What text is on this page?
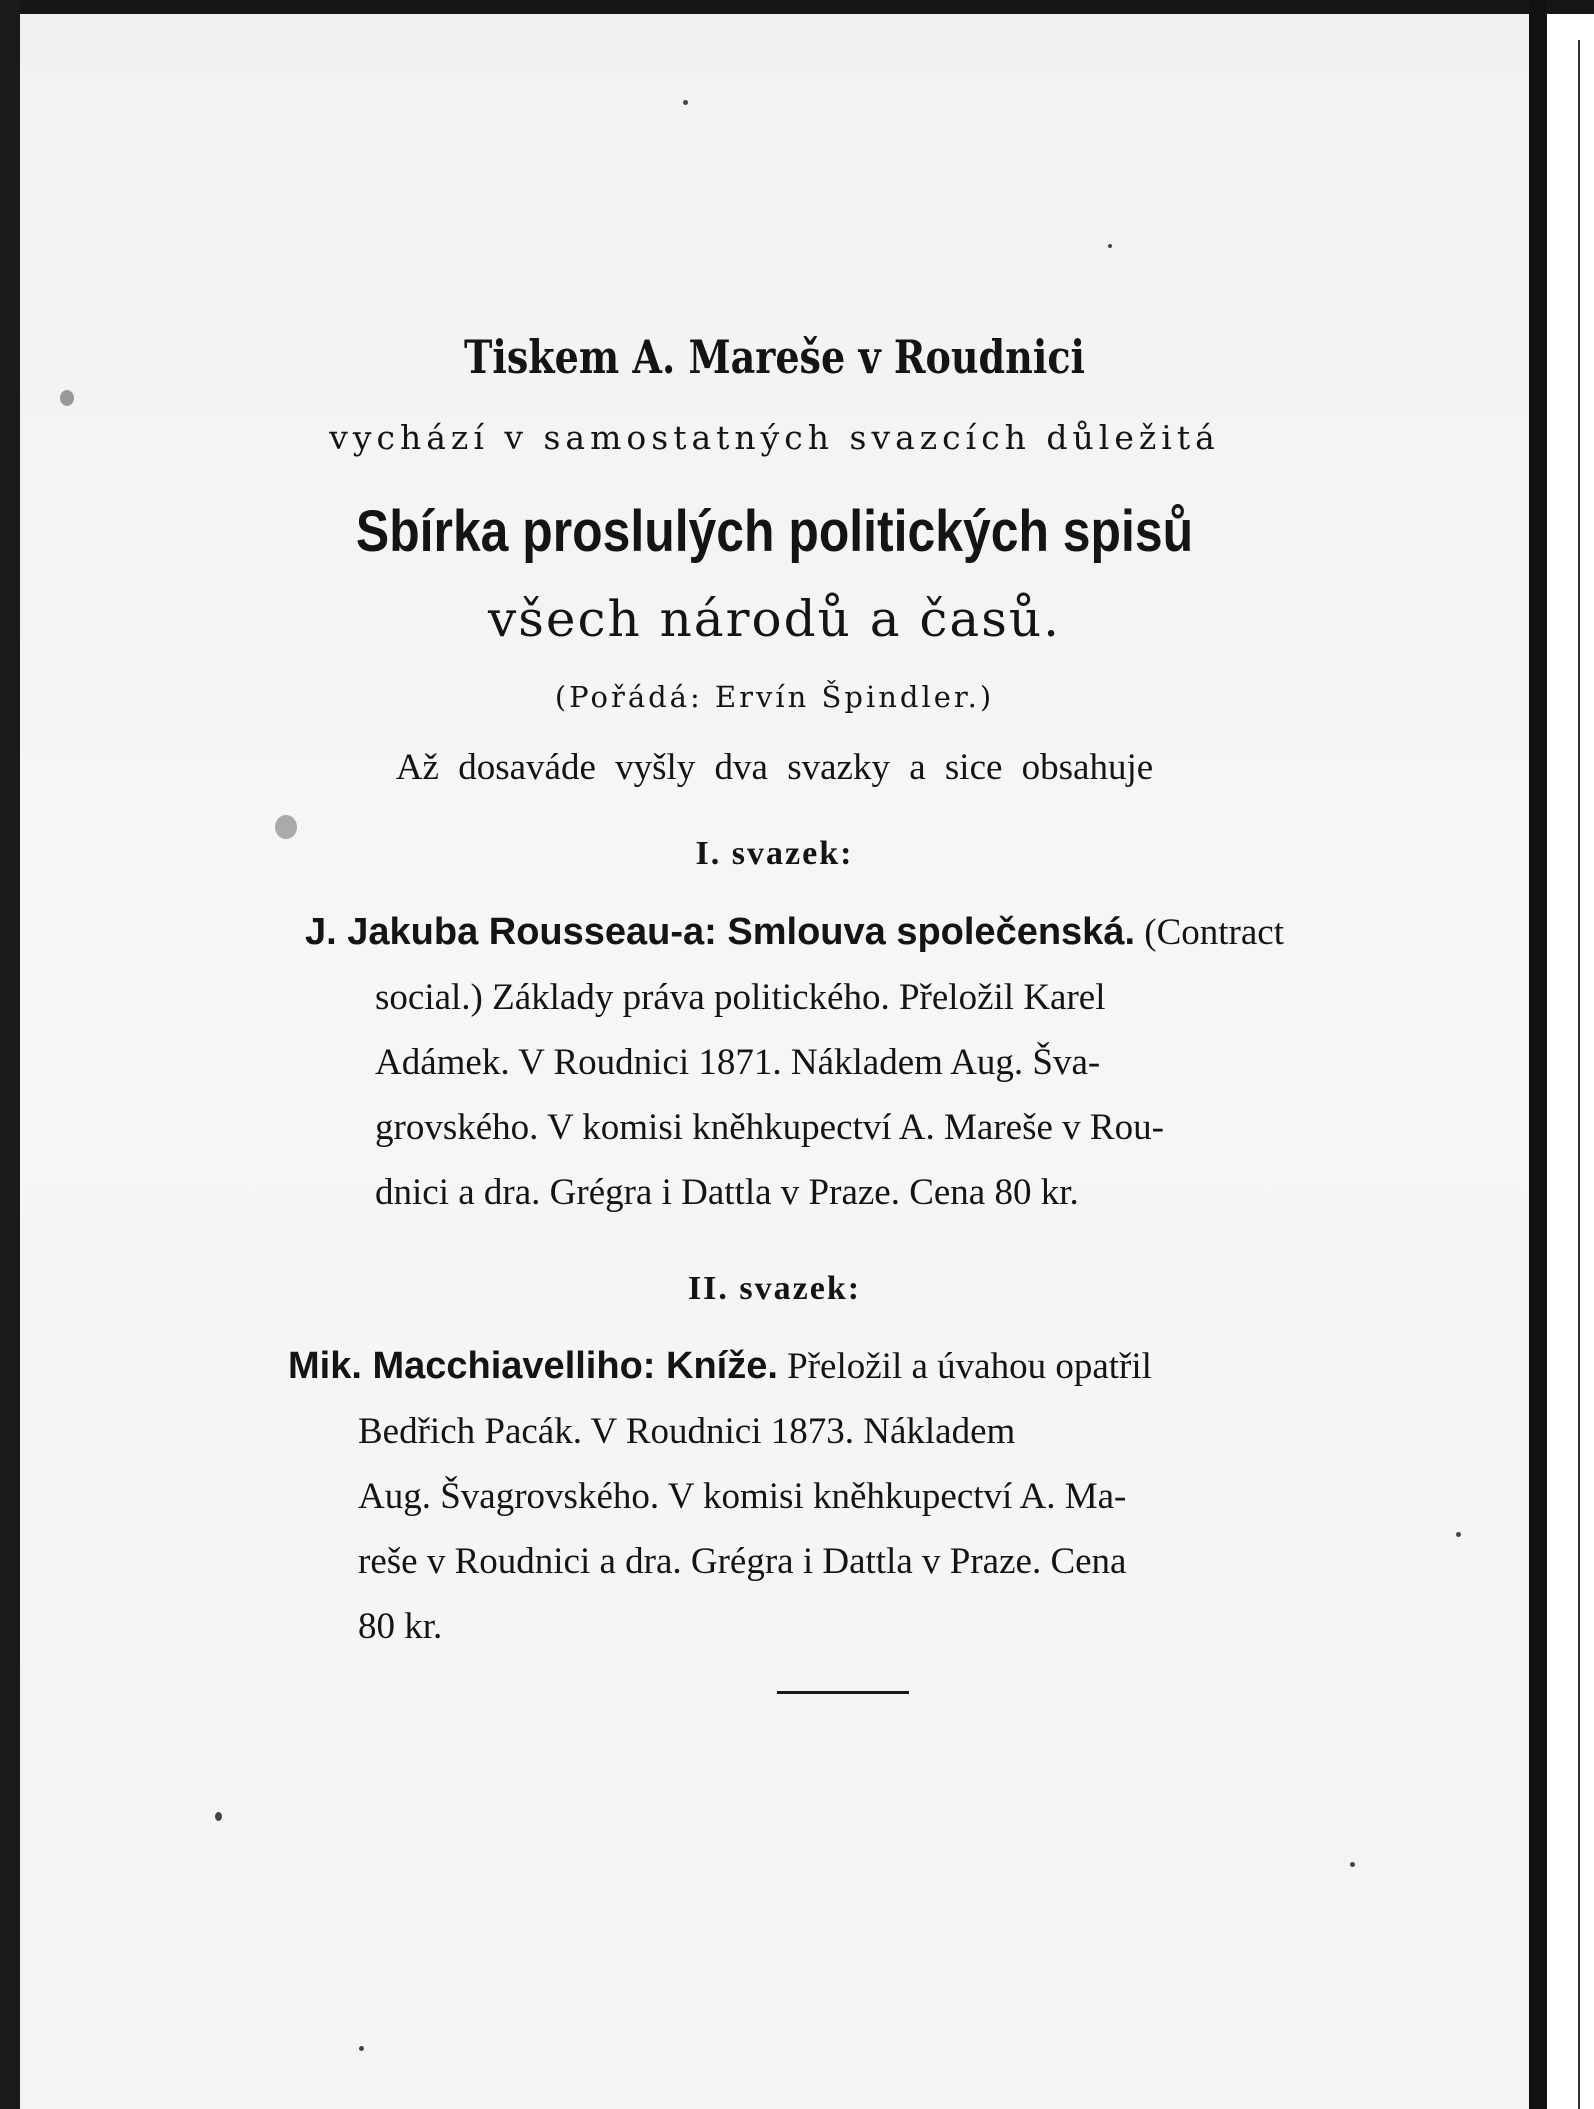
Tiskem A. Mareše v Roudnici

vychází v samostatných svazcích důležitá

Sbírka proslulých politických spisů

všech národů a časů.

(Pořádá: Ervín Špindler.)

Až dosaváde vyšly dva svazky a sice obsahuje

I. svazek:

J. Jakuba Rousseau-a: Smlouva společenská. (Contract
social.) Základy práva politického. Přeložil Karel
Adámek. V Roudnici 1871. Nákladem Aug. Šva-
grovského. V komisi kněhkupectví A. Mareše v Rou-
dnici a dra. Grégra i Dattla v Praze. Cena 80 kr.

II. svazek:

Mik. Macchiavelliho: Kníže. Přeložil a úvahou opatřil
Bedřich Pacák. V Roudnici 1873. Nákladem
Aug. Švagrovského. V komisi kněhkupectví A. Ma-
reše v Roudnici a dra. Grégra i Dattla v Praze. Cena
80 kr.
